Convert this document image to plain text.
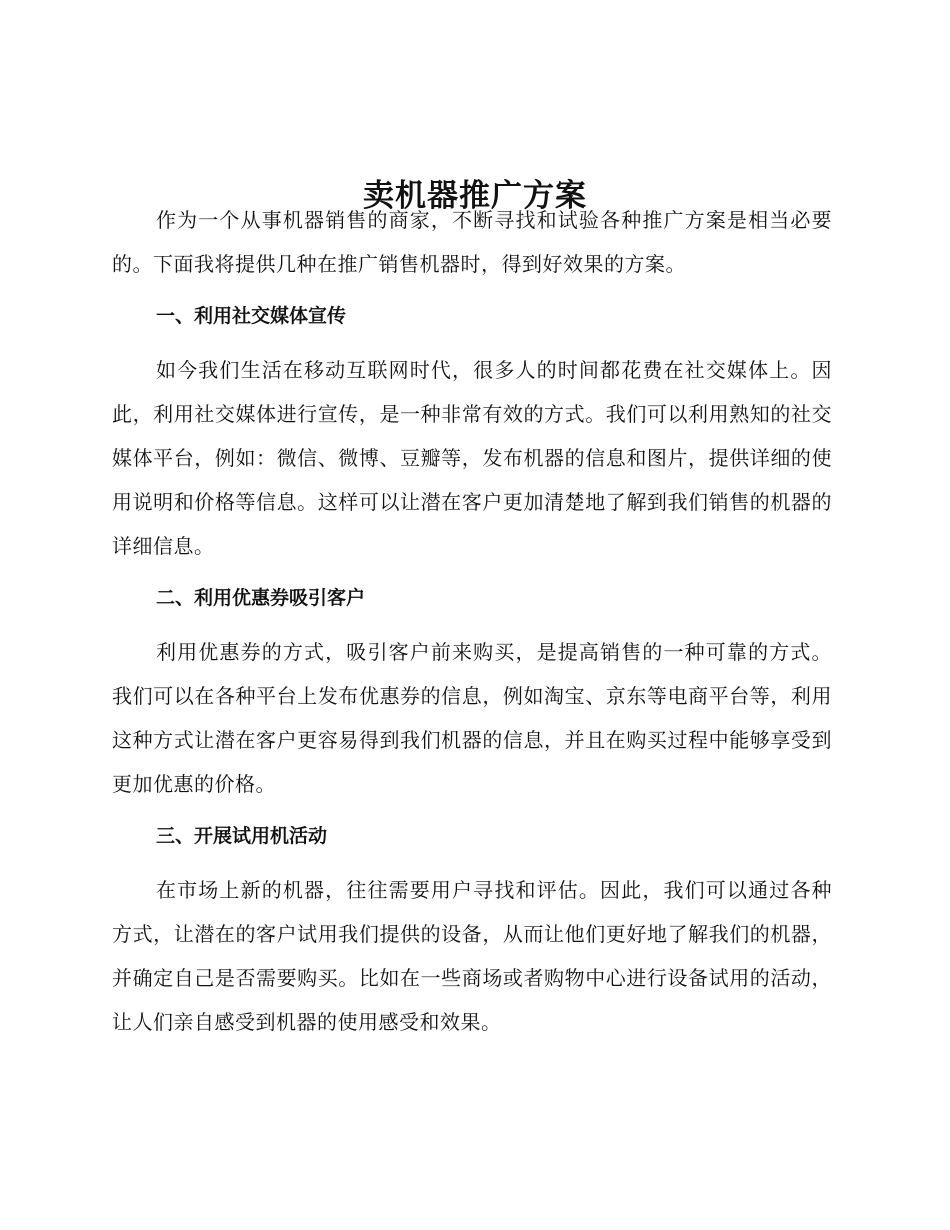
卖机器推广方案

作为一个从事机器销售的商家，不断寻找和试验各种推广方案是相当必要的。下面我将提供几种在推广销售机器时，得到好效果的方案。

一、利用社交媒体宣传

如今我们生活在移动互联网时代，很多人的时间都花费在社交媒体上。因此，利用社交媒体进行宣传，是一种非常有效的方式。我们可以利用熟知的社交媒体平台，例如：微信、微博、豆瓣等，发布机器的信息和图片，提供详细的使用说明和价格等信息。这样可以让潜在客户更加清楚地了解到我们销售的机器的详细信息。

二、利用优惠券吸引客户

利用优惠券的方式，吸引客户前来购买，是提高销售的一种可靠的方式。我们可以在各种平台上发布优惠券的信息，例如淘宝、京东等电商平台等，利用这种方式让潜在客户更容易得到我们机器的信息，并且在购买过程中能够享受到更加优惠的价格。

三、开展试用机活动

在市场上新的机器，往往需要用户寻找和评估。因此，我们可以通过各种方式，让潜在的客户试用我们提供的设备，从而让他们更好地了解我们的机器，并确定自己是否需要购买。比如在一些商场或者购物中心进行设备试用的活动，让人们亲自感受到机器的使用感受和效果。
